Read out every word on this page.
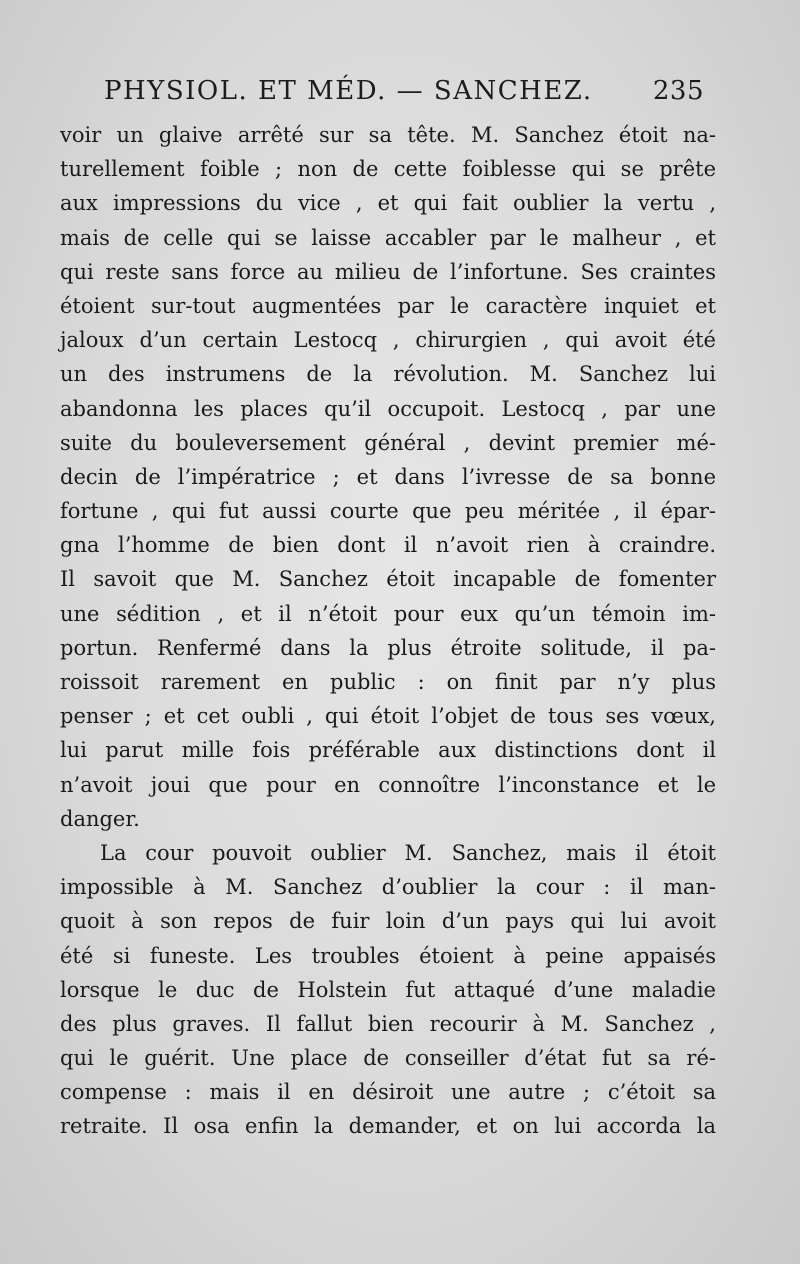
PHYSIOL. ET MÉD. — SANCHEZ. 235
voir un glaive arrêté sur sa tête. M. Sanchez étoit na-
turellement foible ; non de cette foiblesse qui se prête
aux impressions du vice , et qui fait oublier la vertu ,
mais de celle qui se laisse accabler par le malheur , et
qui reste sans force au milieu de l’infortune. Ses craintes
étoient sur-tout augmentées par le caractère inquiet et
jaloux d’un certain Lestocq , chirurgien , qui avoit été
un des instrumens de la révolution. M. Sanchez lui
abandonna les places qu’il occupoit. Lestocq , par une
suite du bouleversement général , devint premier mé-
decin de l’impératrice ; et dans l’ivresse de sa bonne
fortune , qui fut aussi courte que peu méritée , il épar-
gna l’homme de bien dont il n’avoit rien à craindre.
Il savoit que M. Sanchez étoit incapable de fomenter
une sédition , et il n’étoit pour eux qu’un témoin im-
portun. Renfermé dans la plus étroite solitude, il pa-
roissoit rarement en public : on finit par n’y plus
penser ; et cet oubli , qui étoit l’objet de tous ses vœux,
lui parut mille fois préférable aux distinctions dont il
n’avoit joui que pour en connoître l’inconstance et le
danger.
La cour pouvoit oublier M. Sanchez, mais il étoit
impossible à M. Sanchez d’oublier la cour : il man-
quoit à son repos de fuir loin d’un pays qui lui avoit
été si funeste. Les troubles étoient à peine appaisés
lorsque le duc de Holstein fut attaqué d’une maladie
des plus graves. Il fallut bien recourir à M. Sanchez ,
qui le guérit. Une place de conseiller d’état fut sa ré-
compense : mais il en désiroit une autre ; c’étoit sa
retraite. Il osa enfin la demander, et on lui accorda la
